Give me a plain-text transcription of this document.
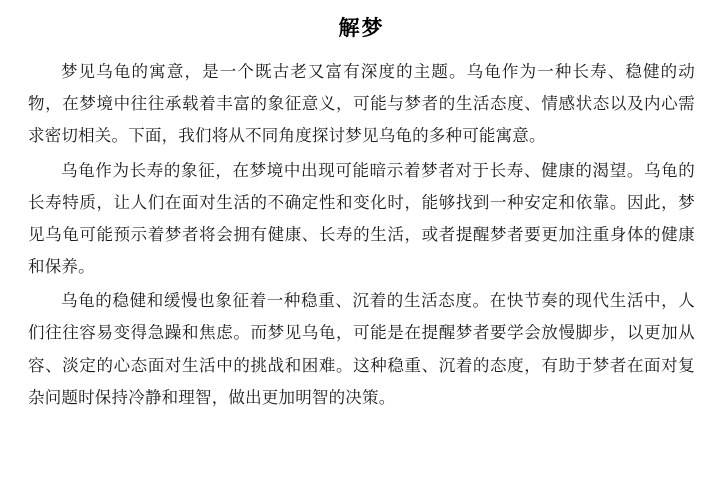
解梦

梦见乌龟的寓意，是一个既古老又富有深度的主题。乌龟作为一种长寿、稳健的动物，在梦境中往往承载着丰富的象征意义，可能与梦者的生活态度、情感状态以及内心需求密切相关。下面，我们将从不同角度探讨梦见乌龟的多种可能寓意。

乌龟作为长寿的象征，在梦境中出现可能暗示着梦者对于长寿、健康的渴望。乌龟的长寿特质，让人们在面对生活的不确定性和变化时，能够找到一种安定和依靠。因此，梦见乌龟可能预示着梦者将会拥有健康、长寿的生活，或者提醒梦者要更加注重身体的健康和保养。

乌龟的稳健和缓慢也象征着一种稳重、沉着的生活态度。在快节奏的现代生活中，人们往往容易变得急躁和焦虑。而梦见乌龟，可能是在提醒梦者要学会放慢脚步，以更加从容、淡定的心态面对生活中的挑战和困难。这种稳重、沉着的态度，有助于梦者在面对复杂问题时保持冷静和理智，做出更加明智的决策。
